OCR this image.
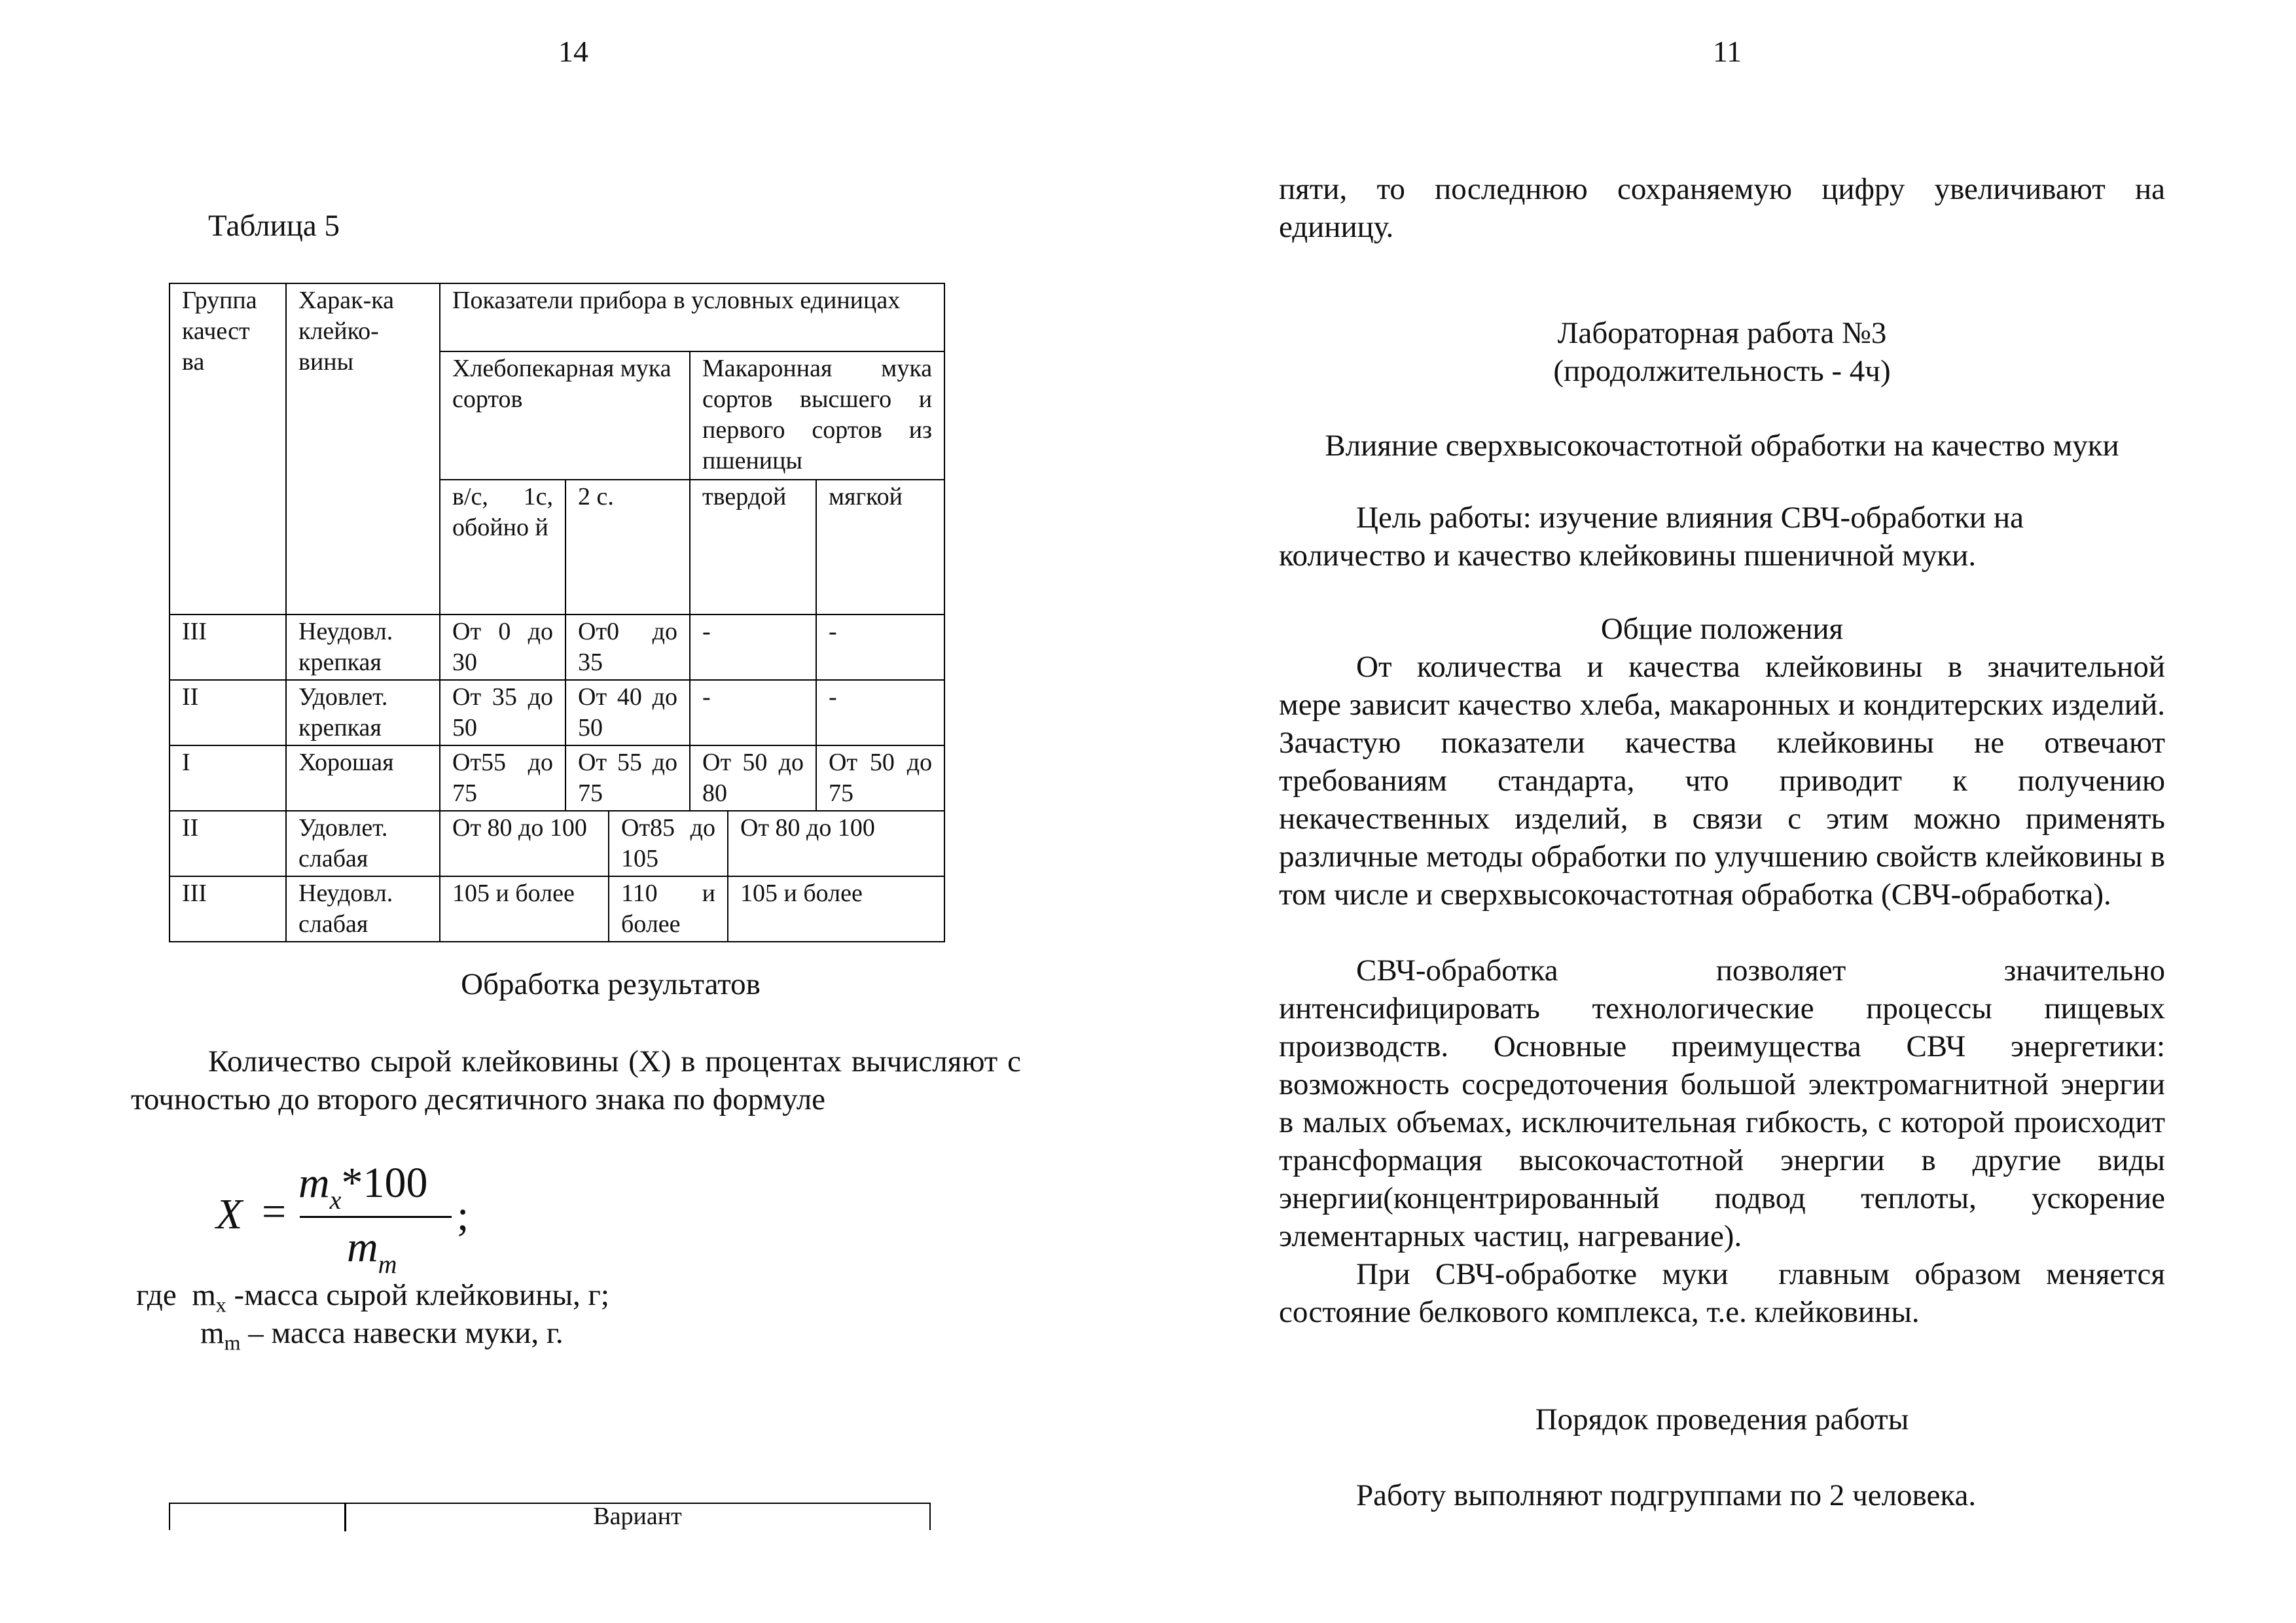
14

Таблица 5

Группа качест ва	Харак-ка клейко-вины	Показатели прибора в условных единицах					
		Хлебопекарная мука сортов			Макаронная мука сортов высшего и первого сортов из пшеницы		
		в/с, 1с, обойно й	2 с.		твердой		мягкой
III	Неудовл. крепкая	От 0 до 30	От0 до 35		-		-
II	Удовлет. крепкая	От 35 до 50	От 40 до 50		-		-
I	Хорошая	От55 до 75	От 55 до 75		От 50 до 80		От 50 до 75
II	Удовлет. слабая	От 80 до 100		От85 до 105		От 80 до 100	
III	Неудовл. слабая	105 и более		110 и более		105 и более	

Обработка результатов

Количество сырой клейковины (Х) в процентах вычисляют с точностью до второго десятичного знака по формуле

X =
$m_x*100$
$m_m$
;

где  $m_x$ -масса сырой клейковины, г;

$m_m$ – масса навески муки, г.

Вариант
11

пяти, то последнюю сохраняемую цифру увеличивают на

единицу.

Лабораторная работа №3

(продолжительность - 4ч)

Влияние сверхвысокочастотной обработки на качество муки

Цель работы: изучение влияния СВЧ-обработки на

количество и качество клейковины пшеничной муки.

Общие положения

От количества и качества клейковины в значительной

мере зависит качество хлеба, макаронных и кондитерских изделий. Зачастую показатели качества клейковины не отвечают требованиям стандарта, что приводит к получению некачественных изделий, в связи с этим можно применять различные методы обработки по улучшению свойств клейковины в том числе и сверхвысокочастотная обработка (СВЧ-обработка).

СВЧ-обработка позволяет значительно

интенсифицировать технологические процессы пищевых производств. Основные преимущества СВЧ энергетики: возможность сосредоточения большой электромагнитной энергии в малых объемах, исключительная гибкость, с которой происходит трансформация высокочастотной энергии в другие виды энергии(концентрированный подвод теплоты, ускорение элементарных частиц, нагревание).

При СВЧ-обработке муки  главным образом меняется

состояние белкового комплекса, т.е. клейковины.

Порядок проведения работы

Работу выполняют подгруппами по 2 человека.
